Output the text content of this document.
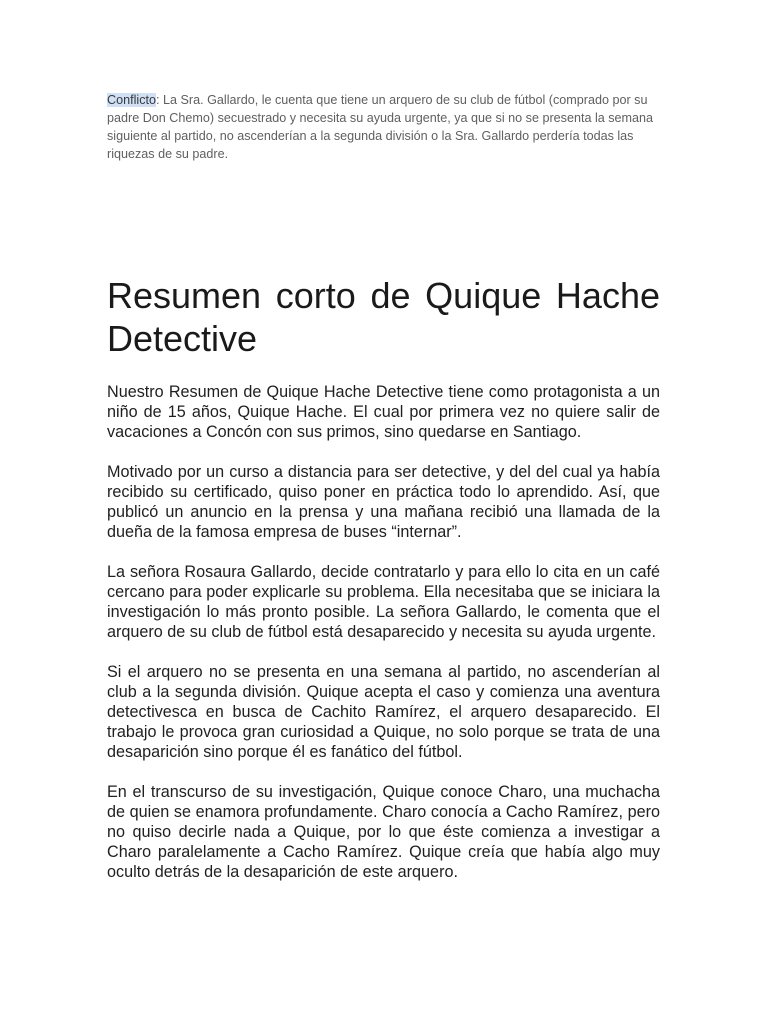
Conflicto: La Sra. Gallardo, le cuenta que tiene un arquero de su club de fútbol (comprado por su padre Don Chemo) secuestrado y necesita su ayuda urgente, ya que si no se presenta la semana siguiente al partido, no ascenderían a la segunda división o la Sra. Gallardo perdería todas las riquezas de su padre.

Resumen corto de Quique Hache Detective

Nuestro Resumen de Quique Hache Detective tiene como protagonista a un niño de 15 años, Quique Hache. El cual por primera vez no quiere salir de vacaciones a Concón con sus primos, sino quedarse en Santiago.

Motivado por un curso a distancia para ser detective, y del del cual ya había recibido su certificado, quiso poner en práctica todo lo aprendido. Así, que publicó un anuncio en la prensa y una mañana recibió una llamada de la dueña de la famosa empresa de buses “internar”.

La señora Rosaura Gallardo, decide contratarlo y para ello lo cita en un café cercano para poder explicarle su problema. Ella necesitaba que se iniciara la investigación lo más pronto posible. La señora Gallardo, le comenta que el arquero de su club de fútbol está desaparecido y necesita su ayuda urgente.

Si el arquero no se presenta en una semana al partido, no ascenderían al club a la segunda división. Quique acepta el caso y comienza una aventura detectivesca en busca de Cachito Ramírez, el arquero desaparecido. El trabajo le provoca gran curiosidad a Quique, no solo porque se trata de una desaparición sino porque él es fanático del fútbol.

En el transcurso de su investigación, Quique conoce Charo, una muchacha de quien se enamora profundamente. Charo conocía a Cacho Ramírez, pero no quiso decirle nada a Quique, por lo que éste comienza a investigar a Charo paralelamente a Cacho Ramírez. Quique creía que había algo muy oculto detrás de la desaparición de este arquero.
